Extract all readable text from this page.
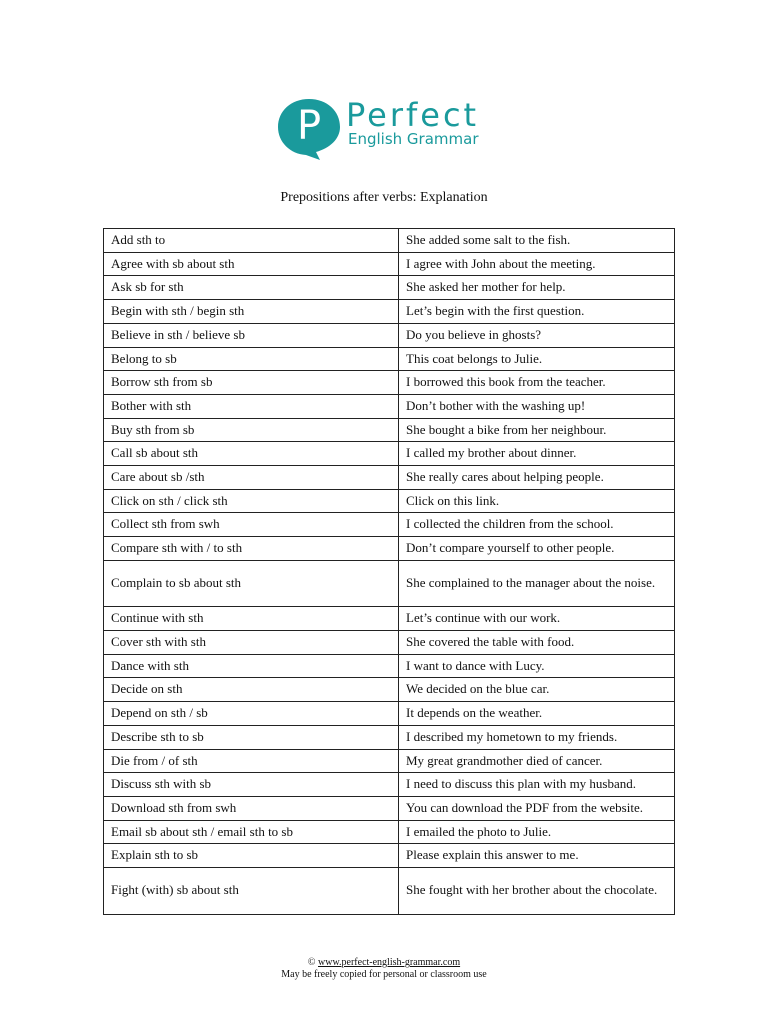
P Perfect
English Grammar
Prepositions after verbs: Explanation
Add sth to	She added some salt to the fish.
Agree with sb about sth	I agree with John about the meeting.
Ask sb for sth	She asked her mother for help.
Begin with sth / begin sth	Let’s begin with the first question.
Believe in sth / believe sb	Do you believe in ghosts?
Belong to sb	This coat belongs to Julie.
Borrow sth from sb	I borrowed this book from the teacher.
Bother with sth	Don’t bother with the washing up!
Buy sth from sb	She bought a bike from her neighbour.
Call sb about sth	I called my brother about dinner.
Care about sb /sth	She really cares about helping people.
Click on sth / click sth	Click on this link.
Collect sth from swh	I collected the children from the school.
Compare sth with / to sth	Don’t compare yourself to other people.
Complain to sb about sth	She complained to the manager about the noise.
Continue with sth	Let’s continue with our work.
Cover sth with sth	She covered the table with food.
Dance with sth	I want to dance with Lucy.
Decide on sth	We decided on the blue car.
Depend on sth / sb	It depends on the weather.
Describe sth to sb	I described my hometown to my friends.
Die from / of sth	My great grandmother died of cancer.
Discuss sth with sb	I need to discuss this plan with my husband.
Download sth from swh	You can download the PDF from the website.
Email sb about sth / email sth to sb	I emailed the photo to Julie.
Explain sth to sb	Please explain this answer to me.
Fight (with) sb about sth	She fought with her brother about the chocolate.
© www.perfect-english-grammar.com
May be freely copied for personal or classroom use
